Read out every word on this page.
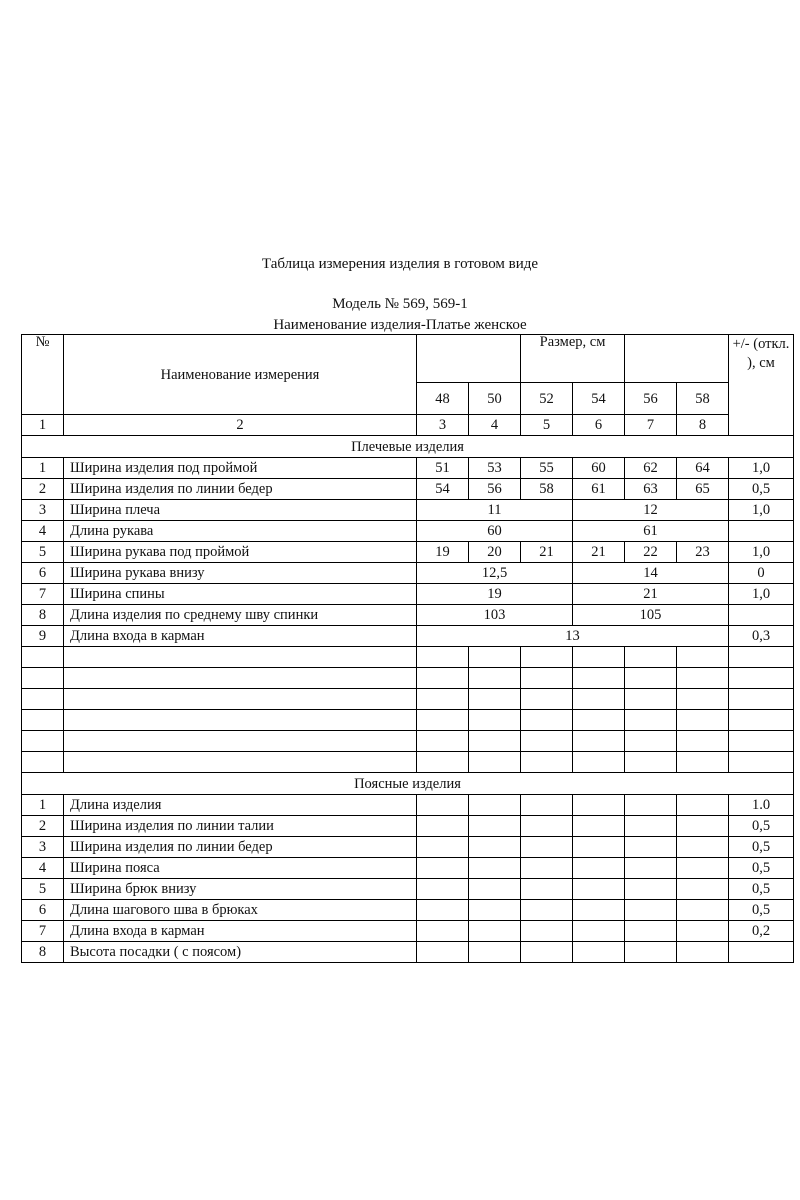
Таблица измерения изделия в готовом виде
Модель № 569, 569-1
Наименование изделия-Платье женское
№	Наименование измерения			Размер, см				+/- (откл. ), см
		48	50	52	54	56	58	
1	2	3	4	5	6	7	8	
Плечевые изделия								
1	Ширина изделия под проймой	51	53	55	60	62	64	1,0
2	Ширина изделия по линии бедер	54	56	58	61	63	65	0,5
3	Ширина плеча	11			12			1,0
4	Длина рукава	60			61			
5	Ширина рукава под проймой	19	20	21	21	22	23	1,0
6	Ширина рукава внизу	12,5			14			0
7	Ширина спины	19			21			1,0
8	Длина изделия по среднему шву спинки	103			105			
9	Длина входа в карман	13						0,3

Поясные изделия								
1	Длина изделия							1.0
2	Ширина изделия по линии талии							0,5
3	Ширина изделия по линии бедер							0,5
4	Ширина пояса							0,5
5	Ширина брюк внизу							0,5
6	Длина шагового шва в брюках							0,5
7	Длина входа в карман							0,2
8	Высота посадки ( с поясом)							
